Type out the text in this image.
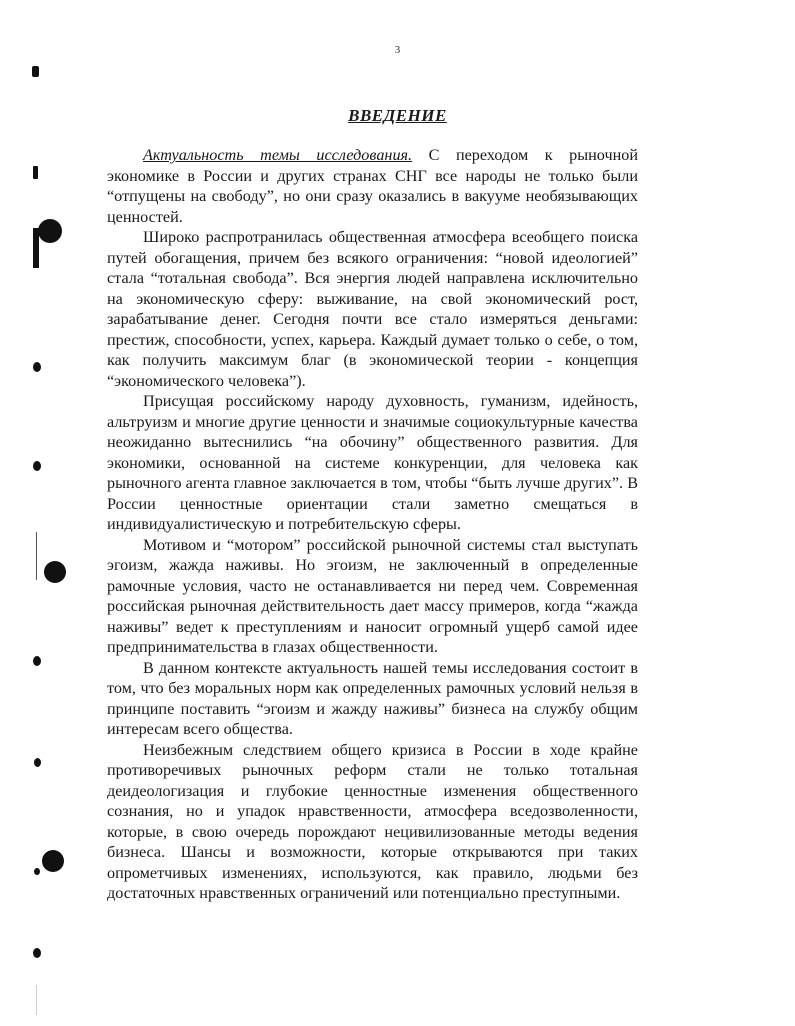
3
ВВЕДЕНИЕ

Актуальность темы исследования. С переходом к рыночной экономике в России и других странах СНГ все народы не только были “отпущены на свободу”, но они сразу оказались в вакууме необязывающих ценностей.

Широко распротранилась общественная атмосфера всеобщего поиска путей обогащения, причем без всякого ограничения: “новой идеологией” стала “тотальная свобода”. Вся энергия людей направлена исключительно на экономическую сферу: выживание, на свой экономический рост, зарабатывание денег. Сегодня почти все стало измеряться деньгами: престиж, способности, успех, карьера. Каждый думает только о себе, о том, как получить максимум благ (в экономической теории - концепция “экономического человека”).

Присущая российскому народу духовность, гуманизм, идейность, альтруизм и многие другие ценности и значимые социокультурные качества неожиданно вытеснились “на обочину” общественного развития. Для экономики, основанной на системе конкуренции, для человека как рыночного агента главное заключается в том, чтобы “быть лучше других”. В России ценностные ориентации стали заметно смещаться в индивидуалистическую и потребительскую сферы.

Мотивом и “мотором” российской рыночной системы стал выступать эгоизм, жажда наживы. Но эгоизм, не заключенный в определенные рамочные условия, часто не останавливается ни перед чем. Современная российская рыночная действительность дает массу примеров, когда “жажда наживы” ведет к преступлениям и наносит огромный ущерб самой идее предпринимательства в глазах общественности.

В данном контексте актуальность нашей темы исследования состоит в том, что без моральных норм как определенных рамочных условий нельзя в принципе поставить “эгоизм и жажду наживы” бизнеса на службу общим интересам всего общества.

Неизбежным следствием общего кризиса в России в ходе крайне противоречивых рыночных реформ стали не только тотальная деидеологизация и глубокие ценностные изменения общественного сознания, но и упадок нравственности, атмосфера вседозволенности, которые, в свою очередь порождают нецивилизованные методы ведения бизнеса. Шансы и возможности, которые открываются при таких опрометчивых изменениях, используются, как правило, людьми без достаточных нравственных ограничений или потенциально преступными.
